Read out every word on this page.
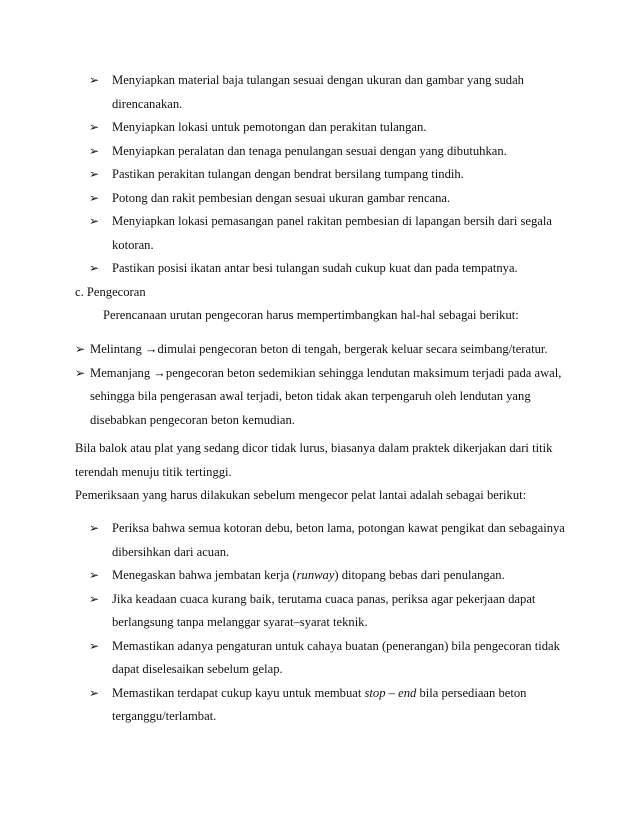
➢ Menyiapkan material baja tulangan sesuai dengan ukuran dan gambar yang sudah direncanakan.
➢ Menyiapkan lokasi untuk pemotongan dan perakitan tulangan.
➢ Menyiapkan peralatan dan tenaga penulangan sesuai dengan yang dibutuhkan.
➢ Pastikan perakitan tulangan dengan bendrat bersilang tumpang tindih.
➢ Potong dan rakit pembesian dengan sesuai ukuran gambar rencana.
➢ Menyiapkan lokasi pemasangan panel rakitan pembesian di lapangan bersih dari segala kotoran.
➢ Pastikan posisi ikatan antar besi tulangan sudah cukup kuat dan pada tempatnya.
c. Pengecoran
Perencanaan urutan pengecoran harus mempertimbangkan hal-hal sebagai berikut:
➢ Melintang →dimulai pengecoran beton di tengah, bergerak keluar secara seimbang/teratur.
➢ Memanjang →pengecoran beton sedemikian sehingga lendutan maksimum terjadi pada awal, sehingga bila pengerasan awal terjadi, beton tidak akan terpengaruh oleh lendutan yang disebabkan pengecoran beton kemudian.
Bila balok atau plat yang sedang dicor tidak lurus, biasanya dalam praktek dikerjakan dari titik terendah menuju titik tertinggi.
Pemeriksaan yang harus dilakukan sebelum mengecor pelat lantai adalah sebagai berikut:
➢ Periksa bahwa semua kotoran debu, beton lama, potongan kawat pengikat dan sebagainya dibersihkan dari acuan.
➢ Menegaskan bahwa jembatan kerja (runway) ditopang bebas dari penulangan.
➢ Jika keadaan cuaca kurang baik, terutama cuaca panas, periksa agar pekerjaan dapat berlangsung tanpa melanggar syarat–syarat teknik.
➢ Memastikan adanya pengaturan untuk cahaya buatan (penerangan) bila pengecoran tidak dapat diselesaikan sebelum gelap.
➢ Memastikan terdapat cukup kayu untuk membuat stop – end bila persediaan beton terganggu/terlambat.
